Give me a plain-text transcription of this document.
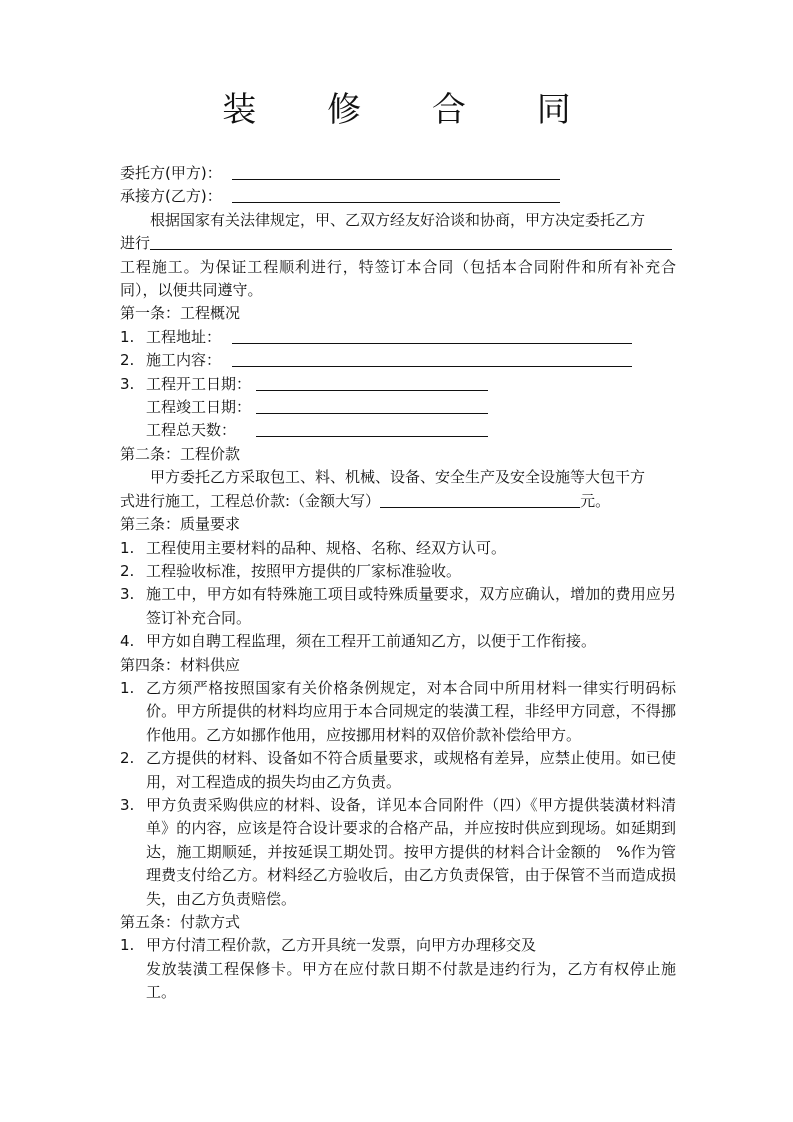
装 修 合 同
委托方(甲方)：
承接方(乙方)：
根据国家有关法律规定，甲、乙双方经友好洽谈和协商，甲方决定委托乙方
进行
工程施工。为保证工程顺利进行，特签订本合同（包括本合同附件和所有补充合同），以便共同遵守。
第一条：工程概况
1. 工程地址：
2. 施工内容：
3. 工程开工日期：
工程竣工日期：
工程总天数：
第二条：工程价款
甲方委托乙方采取包工、料、机械、设备、安全生产及安全设施等大包干方
式进行施工，工程总价款:（金额大写）	元。
第三条：质量要求
1. 工程使用主要材料的品种、规格、名称、经双方认可。
2. 工程验收标准，按照甲方提供的厂家标准验收。
3. 施工中，甲方如有特殊施工项目或特殊质量要求，双方应确认，增加的费用应另签订补充合同。
4. 甲方如自聘工程监理，须在工程开工前通知乙方，以便于工作衔接。
第四条：材料供应
1. 乙方须严格按照国家有关价格条例规定，对本合同中所用材料一律实行明码标价。甲方所提供的材料均应用于本合同规定的装潢工程，非经甲方同意，不得挪作他用。乙方如挪作他用，应按挪用材料的双倍价款补偿给甲方。
2. 乙方提供的材料、设备如不符合质量要求，或规格有差异，应禁止使用。如已使用，对工程造成的损失均由乙方负责。
3. 甲方负责采购供应的材料、设备，详见本合同附件（四）《甲方提供装潢材料清单》的内容，应该是符合设计要求的合格产品，并应按时供应到现场。如延期到达，施工期顺延，并按延误工期处罚。按甲方提供的材料合计金额的　%作为管理费支付给乙方。材料经乙方验收后，由乙方负责保管，由于保管不当而造成损失，由乙方负责赔偿。
第五条：付款方式
1. 甲方付清工程价款，乙方开具统一发票，向甲方办理移交及
发放装潢工程保修卡。甲方在应付款日期不付款是违约行为，乙方有权停止施工。
